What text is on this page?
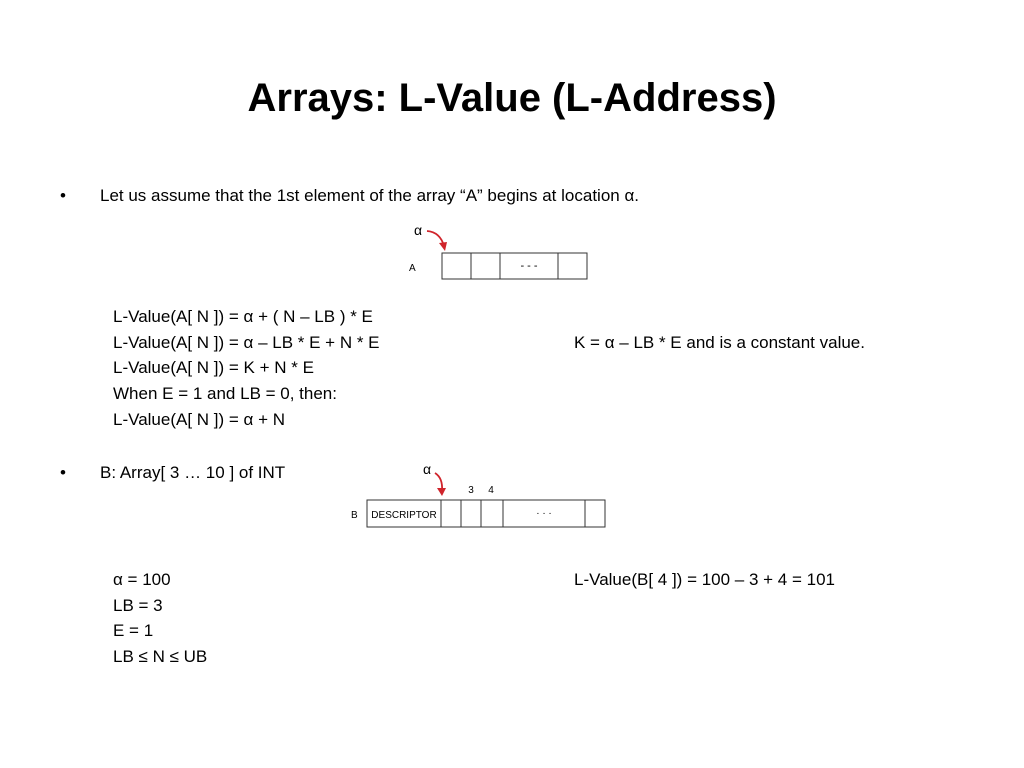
Arrays: L-Value (L-Address)
• Let us assume that the 1st element of the array “A” begins at location α.
α
A	- - -
L-Value(A[ N ]) = α + ( N – LB ) * E
L-Value(A[ N ]) = α – LB * E + N * E	K = α – LB * E and is a constant value.
L-Value(A[ N ]) = K + N * E
When E = 1 and LB = 0, then:
L-Value(A[ N ]) = α + N
• B: Array[ 3 … 10 ] of INT	α
3 4
B DESCRIPTOR	· · ·
α = 100	L-Value(B[ 4 ]) = 100 – 3 + 4 = 101
LB = 3
E = 1
LB ≤ N ≤ UB
